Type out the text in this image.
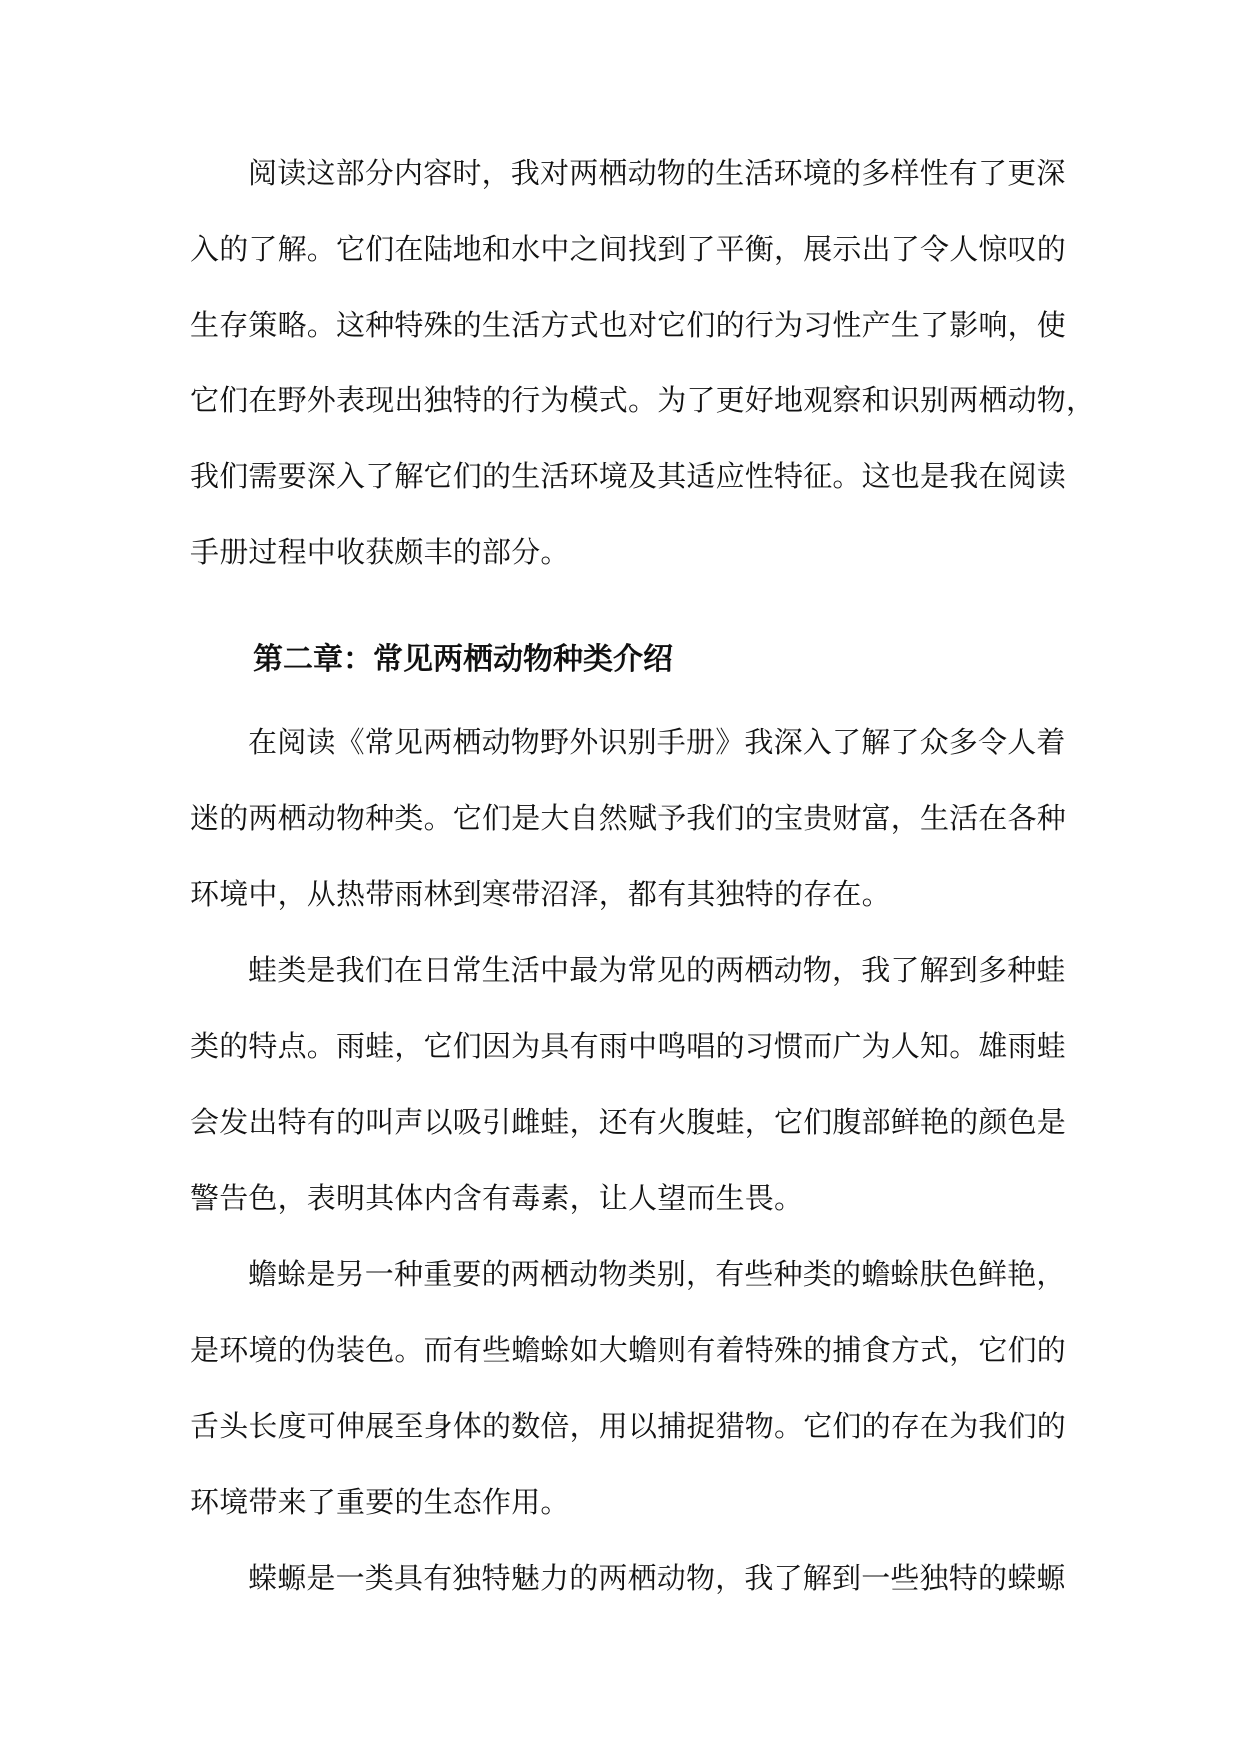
阅读这部分内容时，我对两栖动物的生活环境的多样性有了更深
入的了解。它们在陆地和水中之间找到了平衡，展示出了令人惊叹的
生存策略。这种特殊的生活方式也对它们的行为习性产生了影响，使
它们在野外表现出独特的行为模式。为了更好地观察和识别两栖动物，
我们需要深入了解它们的生活环境及其适应性特征。这也是我在阅读
手册过程中收获颇丰的部分。
第二章：常见两栖动物种类介绍
在阅读《常见两栖动物野外识别手册》我深入了解了众多令人着
迷的两栖动物种类。它们是大自然赋予我们的宝贵财富，生活在各种
环境中，从热带雨林到寒带沼泽，都有其独特的存在。
蛙类是我们在日常生活中最为常见的两栖动物，我了解到多种蛙
类的特点。雨蛙，它们因为具有雨中鸣唱的习惯而广为人知。雄雨蛙
会发出特有的叫声以吸引雌蛙，还有火腹蛙，它们腹部鲜艳的颜色是
警告色，表明其体内含有毒素，让人望而生畏。
蟾蜍是另一种重要的两栖动物类别，有些种类的蟾蜍肤色鲜艳，
是环境的伪装色。而有些蟾蜍如大蟾则有着特殊的捕食方式，它们的
舌头长度可伸展至身体的数倍，用以捕捉猎物。它们的存在为我们的
环境带来了重要的生态作用。
蝾螈是一类具有独特魅力的两栖动物，我了解到一些独特的蝾螈
